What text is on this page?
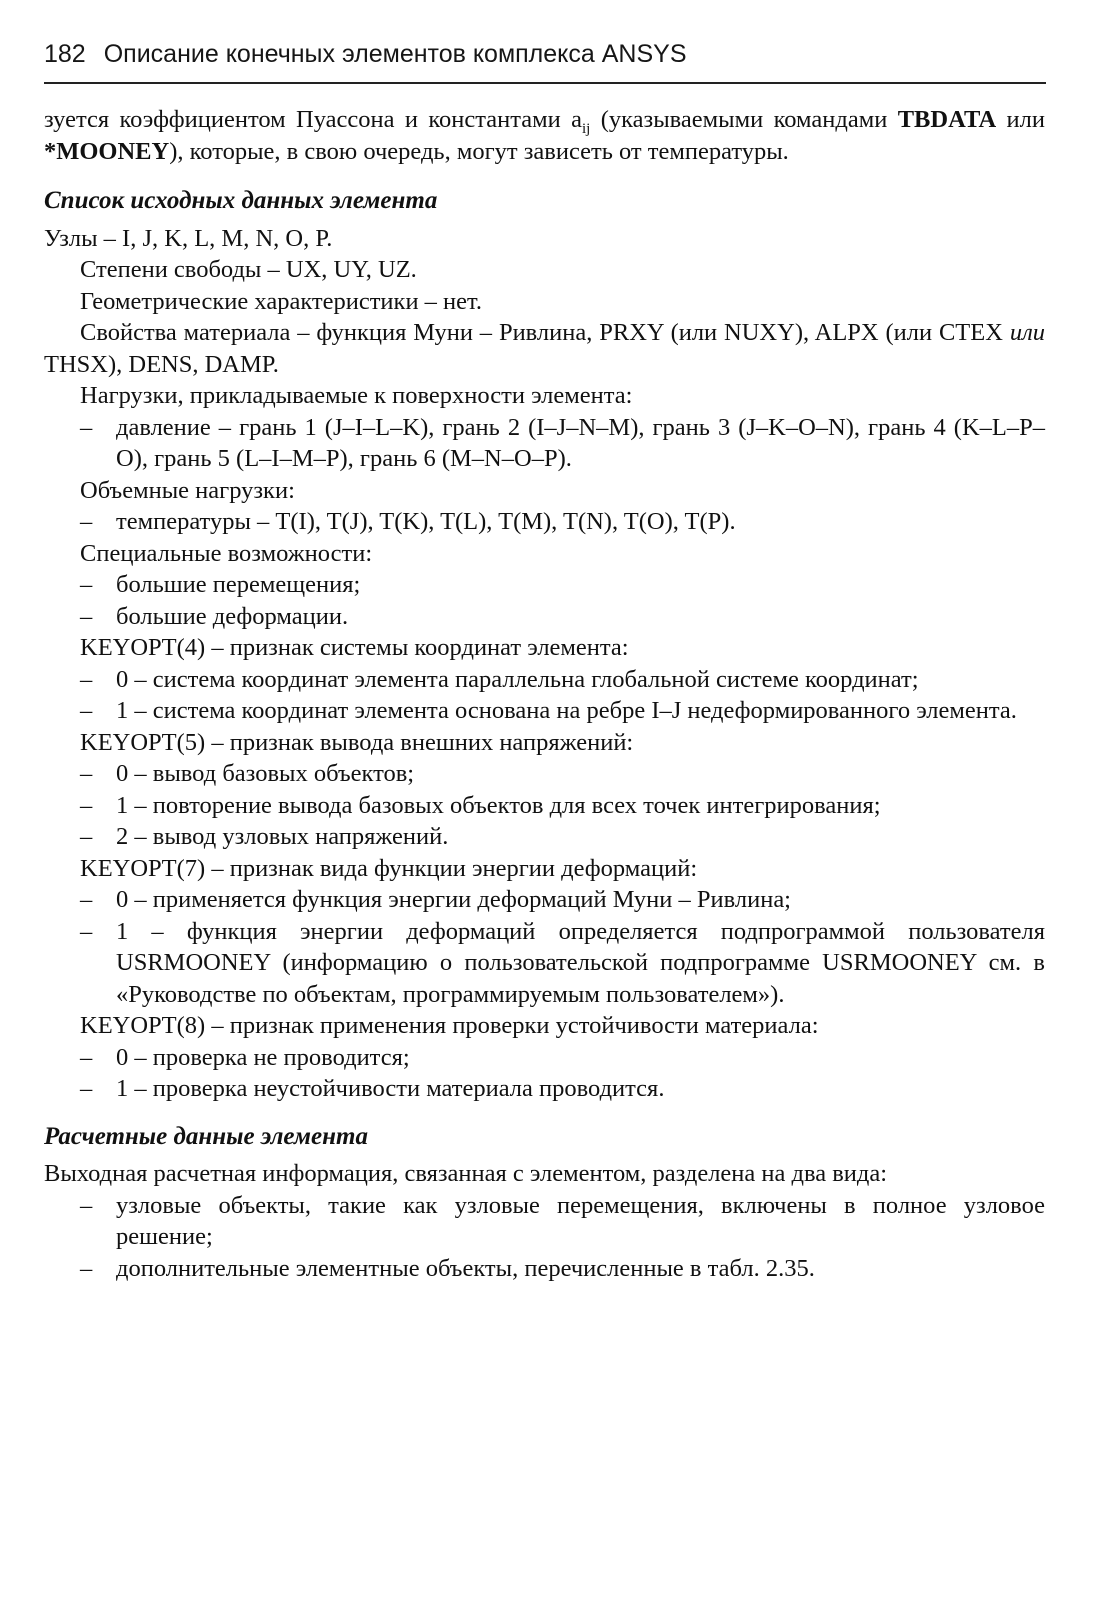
182 Описание конечных элементов комплекса ANSYS

зуется коэффициентом Пуассона и константами $a_{ij}$ (указываемыми командами TBDATA или *MOONEY), которые, в свою очередь, могут зависеть от температуры.

Список исходных данных элемента

Узлы – I, J, K, L, M, N, O, P.

Степени свободы – UX, UY, UZ.

Геометрические характеристики – нет.

Свойства материала – функция Муни – Ривлина, PRXY (или NUXY), ALPX (или CTEX или THSX), DENS, DAMP.

Нагрузки, прикладываемые к поверхности элемента:

– давление – грань 1 (J–I–L–K), грань 2 (I–J–N–M), грань 3 (J–K–O–N), грань 4 (K–L–P–O), грань 5 (L–I–M–P), грань 6 (M–N–O–P).

Объемные нагрузки:

– температуры – T(I), T(J), T(K), T(L), T(M), T(N), T(O), T(P).

Специальные возможности:

– большие перемещения;
– большие деформации.

KEYOPT(4) – признак системы координат элемента:

– 0 – система координат элемента параллельна глобальной системе координат;
– 1 – система координат элемента основана на ребре I–J недеформированного элемента.

KEYOPT(5) – признак вывода внешних напряжений:

– 0 – вывод базовых объектов;
– 1 – повторение вывода базовых объектов для всех точек интегрирования;
– 2 – вывод узловых напряжений.

KEYOPT(7) – признак вида функции энергии деформаций:

– 0 – применяется функция энергии деформаций Муни – Ривлина;
– 1 – функция энергии деформаций определяется подпрограммой пользователя USRMOONEY (информацию о пользовательской подпрограмме USRMOONEY см. в «Руководстве по объектам, программируемым пользователем»).

KEYOPT(8) – признак применения проверки устойчивости материала:

– 0 – проверка не проводится;
– 1 – проверка неустойчивости материала проводится.
Расчетные данные элемента

Выходная расчетная информация, связанная с элементом, разделена на два вида:

– узловые объекты, такие как узловые перемещения, включены в полное узловое решение;
– дополнительные элементные объекты, перечисленные в табл. 2.35.
